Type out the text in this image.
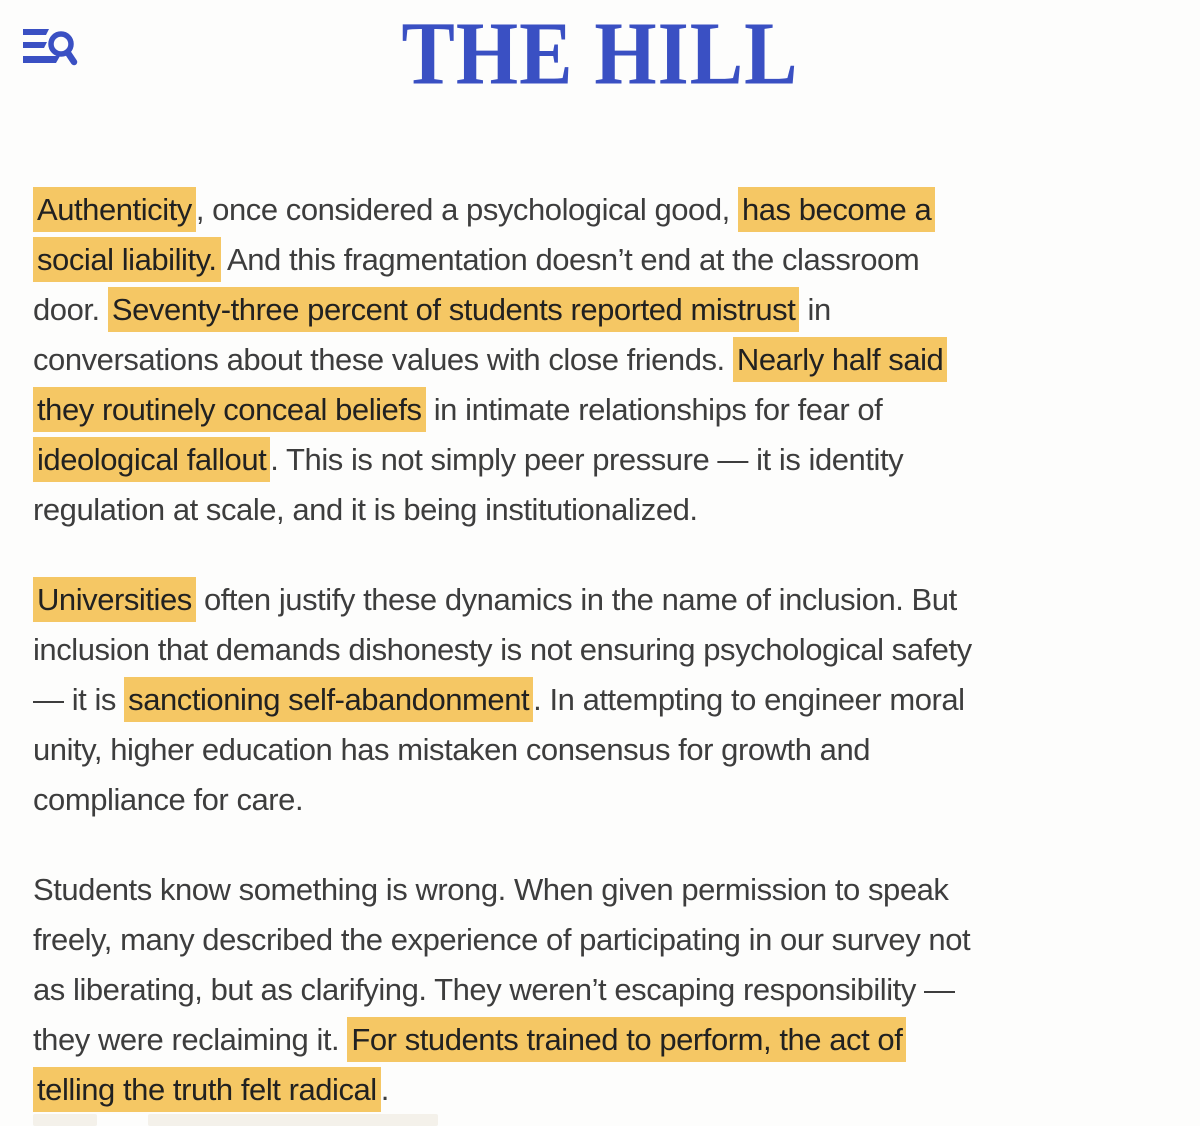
THE HILL
Authenticity , once considered a psychological good, has become a
social liability. And this fragmentation doesn’t end at the classroom
door. Seventy-three percent of students reported mistrust in
conversations about these values with close friends. Nearly half said
they routinely conceal beliefs in intimate relationships for fear of
ideological fallout . This is not simply peer pressure — it is identity
regulation at scale, and it is being institutionalized.
Universities often justify these dynamics in the name of inclusion. But
inclusion that demands dishonesty is not ensuring psychological safety
— it is sanctioning self-abandonment . In attempting to engineer moral
unity, higher education has mistaken consensus for growth and
compliance for care.
Students know something is wrong. When given permission to speak
freely, many described the experience of participating in our survey not
as liberating, but as clarifying. They weren’t escaping responsibility —
they were reclaiming it. For students trained to perform, the act of
telling the truth felt radical .
